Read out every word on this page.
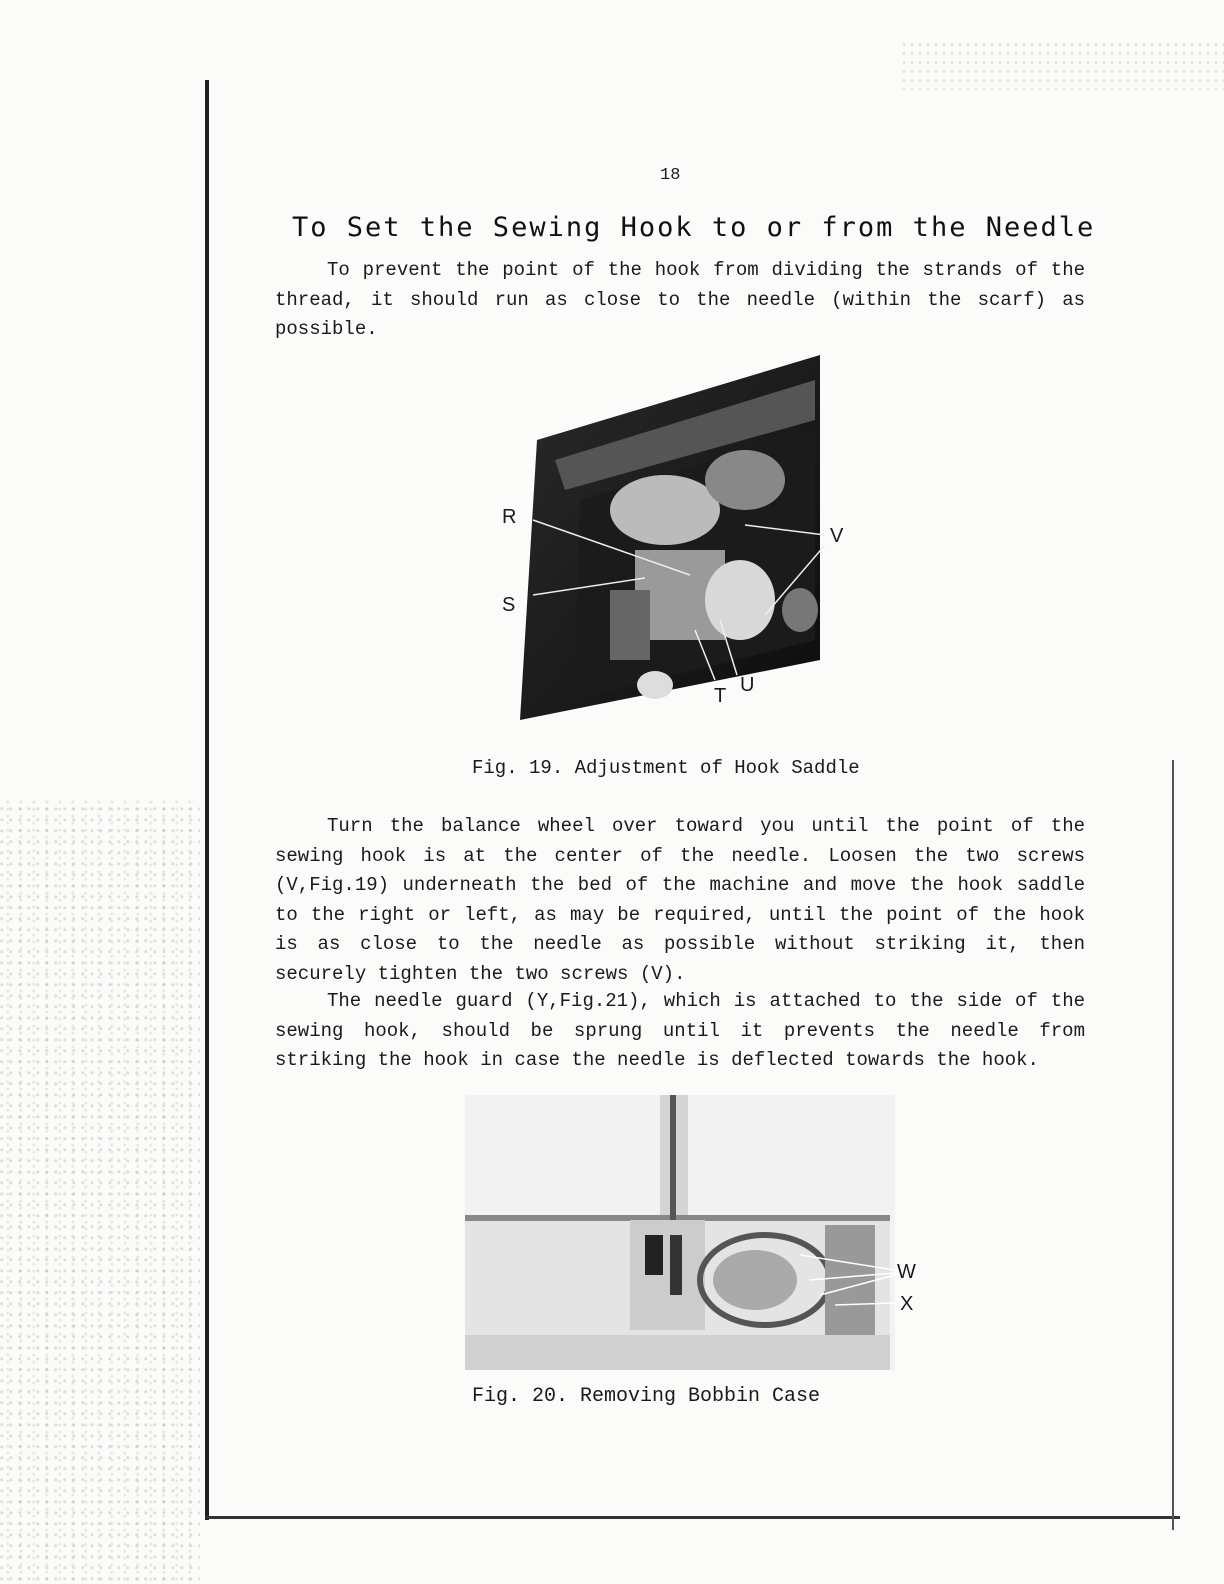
18
To Set the Sewing Hook to or from the Needle

To prevent the point of the hook from dividing the strands of the thread, it should run as close to the needle (within the scarf) as possible.

R
S
T U
V
Fig. 19. Adjustment of Hook Saddle

Turn the balance wheel over toward you until the point of the sewing hook is at the center of the needle. Loosen the two screws (V,Fig.19) underneath the bed of the machine and move the hook saddle to the right or left, as may be required, until the point of the hook is as close to the needle as possible without striking it, then securely tighten the two screws (V).

The needle guard (Y,Fig.21), which is attached to the side of the sewing hook, should be sprung until it prevents the needle from striking the hook in case the needle is deflected towards the hook.

W
X
Fig. 20. Removing Bobbin Case
